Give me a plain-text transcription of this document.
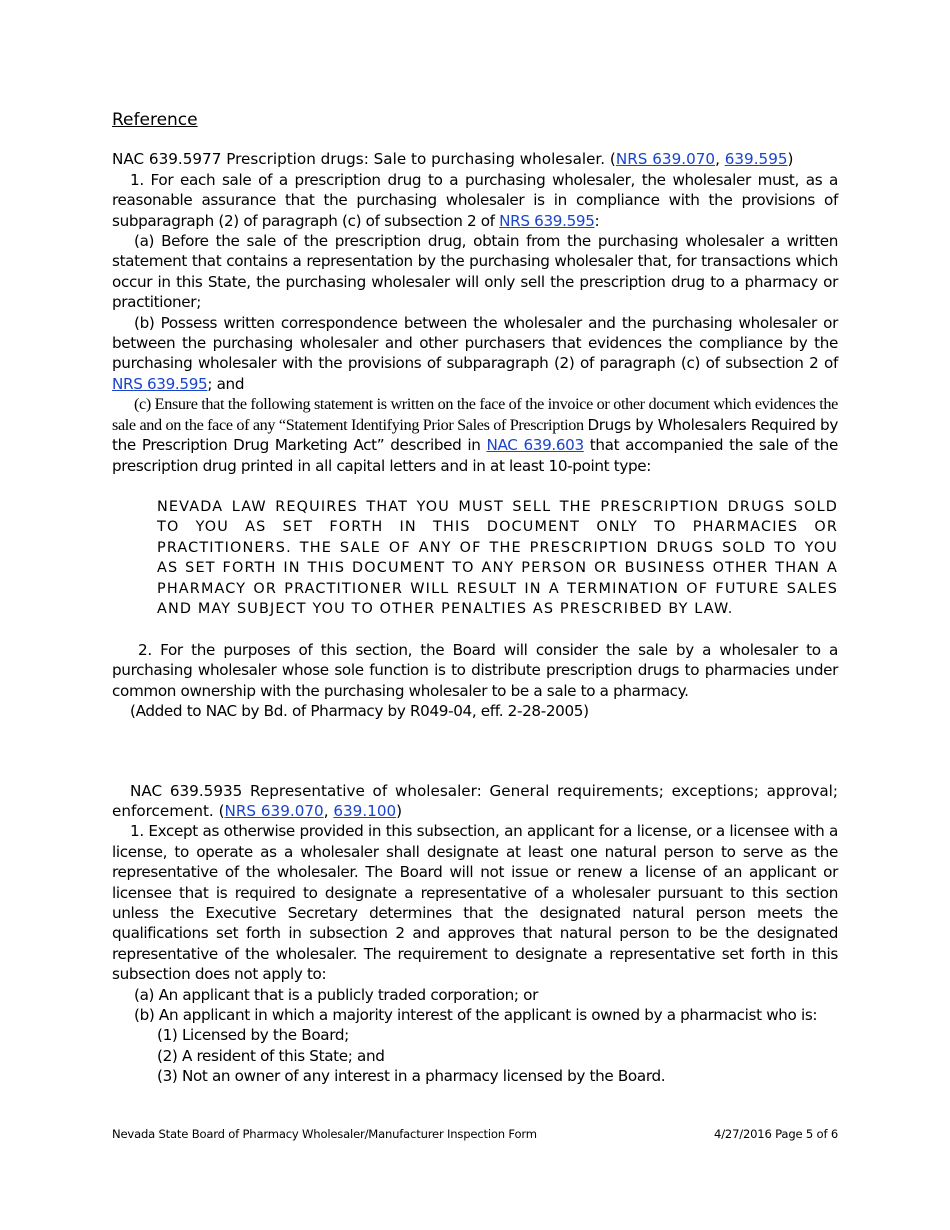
Reference

NAC 639.5977 Prescription drugs: Sale to purchasing wholesaler. (NRS 639.070, 639.595)

1. For each sale of a prescription drug to a purchasing wholesaler, the wholesaler must, as a reasonable assurance that the purchasing wholesaler is in compliance with the provisions of subparagraph (2) of paragraph (c) of subsection 2 of NRS 639.595:

(a) Before the sale of the prescription drug, obtain from the purchasing wholesaler a written statement that contains a representation by the purchasing wholesaler that, for transactions which occur in this State, the purchasing wholesaler will only sell the prescription drug to a pharmacy or practitioner;

(b) Possess written correspondence between the wholesaler and the purchasing wholesaler or between the purchasing wholesaler and other purchasers that evidences the compliance by the purchasing wholesaler with the provisions of subparagraph (2) of paragraph (c) of subsection 2 of NRS 639.595; and

(c) Ensure that the following statement is written on the face of the invoice or other document which evidences the sale and on the face of any “Statement Identifying Prior Sales of Prescription Drugs by Wholesalers Required by the Prescription Drug Marketing Act” described in NAC 639.603 that accompanied the sale of the prescription drug printed in all capital letters and in at least 10-point type:

NEVADA LAW REQUIRES THAT YOU MUST SELL THE PRESCRIPTION DRUGS SOLD TO YOU AS SET FORTH IN THIS DOCUMENT ONLY TO PHARMACIES OR PRACTITIONERS. THE SALE OF ANY OF THE PRESCRIPTION DRUGS SOLD TO YOU AS SET FORTH IN THIS DOCUMENT TO ANY PERSON OR BUSINESS OTHER THAN A PHARMACY OR PRACTITIONER WILL RESULT IN A TERMINATION OF FUTURE SALES AND MAY SUBJECT YOU TO OTHER PENALTIES AS PRESCRIBED BY LAW.

2. For the purposes of this section, the Board will consider the sale by a wholesaler to a purchasing wholesaler whose sole function is to distribute prescription drugs to pharmacies under common ownership with the purchasing wholesaler to be a sale to a pharmacy.

(Added to NAC by Bd. of Pharmacy by R049-04, eff. 2-28-2005)

NAC 639.5935 Representative of wholesaler: General requirements; exceptions; approval; enforcement. (NRS 639.070, 639.100)

1. Except as otherwise provided in this subsection, an applicant for a license, or a licensee with a license, to operate as a wholesaler shall designate at least one natural person to serve as the representative of the wholesaler. The Board will not issue or renew a license of an applicant or licensee that is required to designate a representative of a wholesaler pursuant to this section unless the Executive Secretary determines that the designated natural person meets the qualifications set forth in subsection 2 and approves that natural person to be the designated representative of the wholesaler. The requirement to designate a representative set forth in this subsection does not apply to:

(a) An applicant that is a publicly traded corporation; or

(b) An applicant in which a majority interest of the applicant is owned by a pharmacist who is:

(1) Licensed by the Board;

(2) A resident of this State; and

(3) Not an owner of any interest in a pharmacy licensed by the Board.

Nevada State Board of Pharmacy Wholesaler/Manufacturer Inspection Form	4/27/2016 Page 5 of 6
